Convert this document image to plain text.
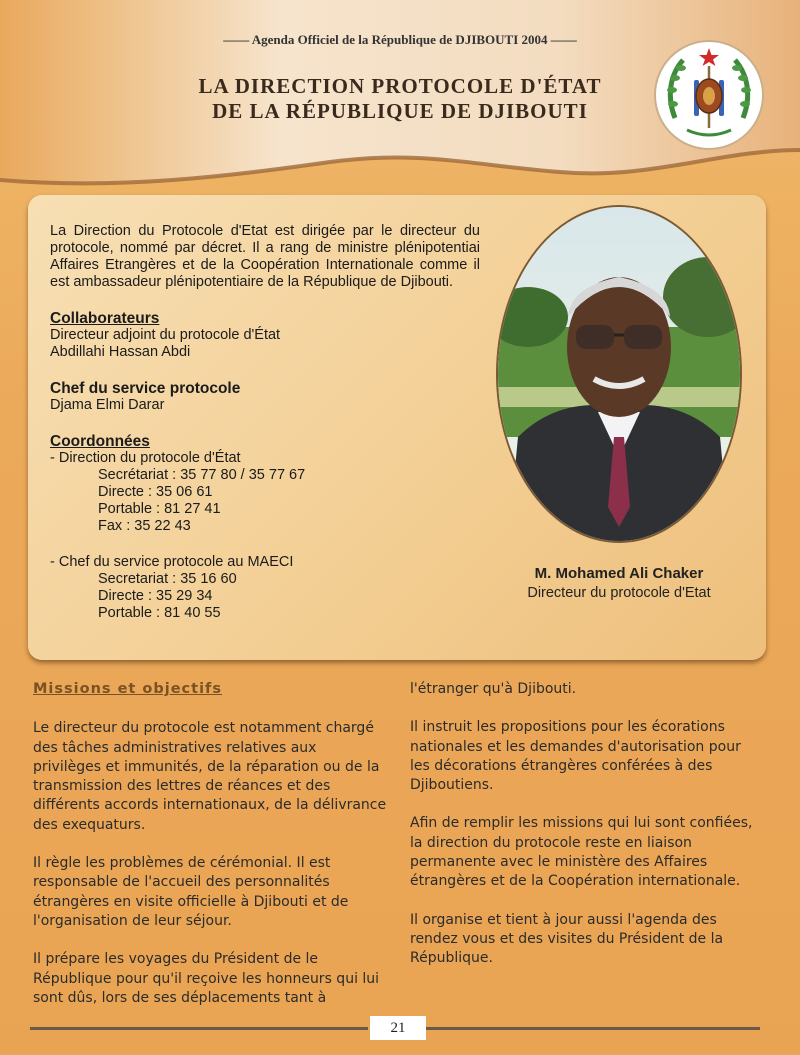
—— Agenda Officiel de la République de DJIBOUTI 2004 ——
LA DIRECTION PROTOCOLE D'ÉTAT
DE LA RÉPUBLIQUE DE DJIBOUTI

La Direction du Protocole d'Etat est dirigée par le directeur du protocole, nommé par décret. Il a rang de ministre plénipotentiai Affaires Etrangères et de la Coopération Internationale comme il est ambassadeur plénipotentiaire de la République de Djibouti.

Collaborateurs

Directeur adjoint du protocole d'État

Abdillahi Hassan Abdi

Chef du service protocole

Djama Elmi Darar

Coordonnées

- Direction du protocole d'État

Secrétariat : 35 77 80 / 35 77 67

Directe : 35 06 61

Portable : 81 27 41

Fax : 35 22 43

- Chef du service protocole au MAECI

Secretariat : 35 16 60

Directe : 35 29 34

Portable : 81 40 55

M. Mohamed Ali Chaker
Directeur du protocole d'Etat

Missions et objectifs

Le directeur du protocole est notamment chargé des tâches administratives relatives aux privilèges et immunités, de la réparation ou de la transmission des lettres de réances et des différents accords internationaux, de la délivrance des exequaturs.

Il règle les problèmes de cérémonial. Il est responsable de l'accueil des personnalités étrangères en visite officielle à Djibouti et de l'organisation de leur séjour.

Il prépare les voyages du Président de le République pour qu'il reçoive les honneurs qui lui sont dûs, lors de ses déplacements tant à

l'étranger qu'à Djibouti.

Il instruit les propositions pour les écorations nationales et les demandes d'autorisation pour les décorations étrangères conférées à des Djiboutiens.

Afin de remplir les missions qui lui sont confiées, la direction du protocole reste en liaison permanente avec le ministère des Affaires étrangères et de la Coopération internationale.

Il organise et tient à jour aussi l'agenda des rendez vous et des visites du Président de la République.

21
